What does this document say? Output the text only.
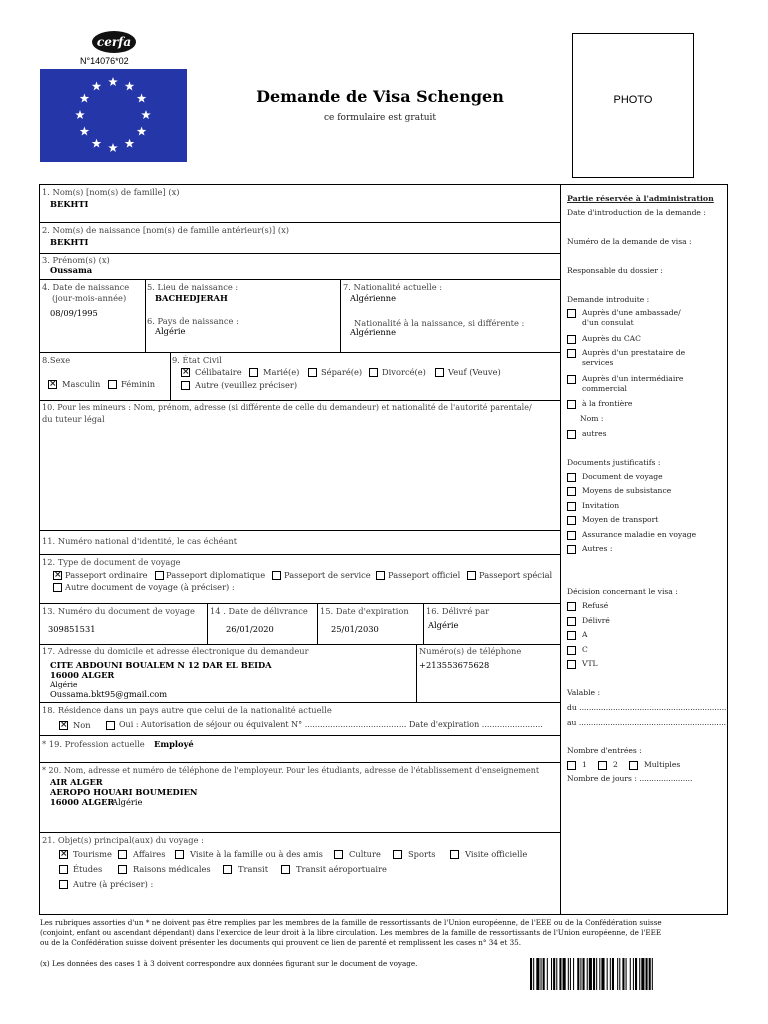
cerfa
N°14076*02
Demande de Visa Schengen
ce formulaire est gratuit
PHOTO
1. Nom(s) [nom(s) de famille] (x)
BEKHTI
2. Nom(s) de naissance [nom(s) de famille antérieur(s)] (x)
BEKHTI
3. Prénom(s) (x)
Oussama
4. Date de naissance
(jour-mois-année)
08/09/1995
5. Lieu de naissance :
BACHEDJERAH
6. Pays de naissance :
Algérie
7. Nationalité actuelle :
Algérienne
Nationalité à la naissance, si différente :
Algérienne
8.Sexe
× Masculin Féminin
9. État Civil
× Célibataire	Marié(e)	Séparé(e) Divorcé(e)	Veuf (Veuve)
Autre (veuillez préciser)
10. Pour les mineurs : Nom, prénom, adresse (si différente de celle du demandeur) et nationalité de l'autorité parentale/
du tuteur légal
11. Numéro national d'identité, le cas échéant
12. Type de document de voyage
× Passeport ordinaire Passeport diplomatique Passeport de service Passeport officiel Passeport spécial
Autre document de voyage (à préciser) :
13. Numéro du document de voyage
309851531
14 . Date de délivrance
26/01/2020
15. Date d'expiration
25/01/2030
16. Délivré par
Algérie
17. Adresse du domicile et adresse électronique du demandeur
CITE ABDOUNI BOUALEM N 12 DAR EL BEIDA
16000 ALGER
Algérie
Oussama.bkt95@gmail.com
Numéro(s) de téléphone
+213553675628
18. Résidence dans un pays autre que celui de la nationalité actuelle
× Non	Oui : Autorisation de séjour ou équivalent N° ........................................ Date d'expiration ........................
* 19. Profession actuelle Employé
* 20. Nom, adresse et numéro de téléphone de l'employeur. Pour les étudiants, adresse de l'établissement d'enseignement
AIR ALGER
AEROPO HOUARI BOUMEDIEN
16000 ALGER
Algérie
21. Objet(s) principal(aux) du voyage :
× Tourisme	Affaires	Visite à la famille ou à des amis	Culture	Sports	Visite officielle
Études	Raisons médicales	Transit	Transit aéroportuaire
Autre (à préciser) :
Partie réservée à l'administration
Date d'introduction de la demande :
Numéro de la demande de visa :
Responsable du dossier :
Demande introduite :
Auprès d'une ambassade/
d'un consulat
Auprès du CAC
Auprès d'un prestataire de
services
Auprès d'un intermédiaire
commercial
à la frontière
Nom :
autres
Documents justificatifs :
Document de voyage
Moyens de subsistance
Invitation
Moyen de transport
Assurance maladie en voyage
Autres :
Décision concernant le visa :
Refusé
Délivré
A
C
VTL
Valable :
du ..............................................................
au ..............................................................
Nombre d'entrées :
1	2	Multiples
Nombre de jours : ......................
Les rubriques assorties d'un * ne doivent pas être remplies par les membres de la famille de ressortissants de l'Union européenne, de l'EEE ou de la Confédération suisse
(conjoint, enfant ou ascendant dépendant) dans l'exercice de leur droit à la libre circulation. Les membres de la famille de ressortissants de l'Union européenne, de l'EEE
ou de la Confédération suisse doivent présenter les documents qui prouvent ce lien de parenté et remplissent les cases n° 34 et 35.
(x) Les données des cases 1 à 3 doivent correspondre aux données figurant sur le document de voyage.
